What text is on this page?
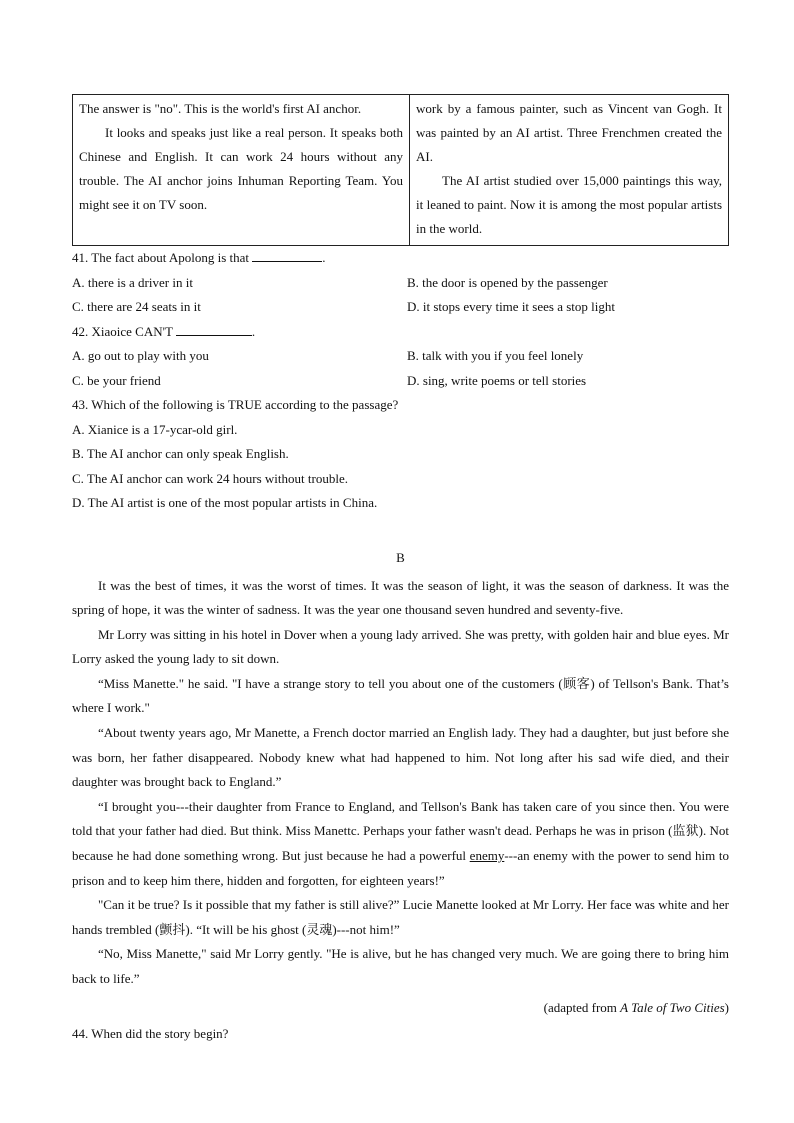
The answer is "no". This is the world's first AI anchor.

It looks and speaks just like a real person. It speaks both Chinese and English. It can work 24 hours without any trouble. The AI anchor joins Inhuman Reporting Team. You might see it on TV soon.

work by a famous painter, such as Vincent van Gogh. It was painted by an AI artist. Three Frenchmen created the AI.

The AI artist studied over 15,000 paintings this way, it leaned to paint. Now it is among the most popular artists in the world.

41. The fact about Apolong is that	.

A. there is a driver in it	B. the door is opened by the passenger
C. there are 24 seats in it	D. it stops every time it sees a stop light

42. Xiaoice CAN'T	.

A. go out to play with you	B. talk with you if you feel lonely
C. be your friend	D. sing, write poems or tell stories

43. Which of the following is TRUE according to the passage?

A. Xianice is a 17-ycar-old girl.

B. The AI anchor can only speak English.

C. The AI anchor can work 24 hours without trouble.

D. The AI artist is one of the most popular artists in China.

B

It was the best of times, it was the worst of times. It was the season of light, it was the season of darkness. It was the spring of hope, it was the winter of sadness. It was the year one thousand seven hundred and seventy-five.

Mr Lorry was sitting in his hotel in Dover when a young lady arrived. She was pretty, with golden hair and blue eyes. Mr Lorry asked the young lady to sit down.

“Miss Manette." he said. "I have a strange story to tell you about one of the customers (顾客) of Tellson's Bank. That’s where I work."

“About twenty years ago, Mr Manette, a French doctor married an English lady. They had a daughter, but just before she was born, her father disappeared. Nobody knew what had happened to him. Not long after his sad wife died, and their daughter was brought back to England.”

“I brought you---their daughter from France to England, and Tellson's Bank has taken care of you since then. You were told that your father had died. But think. Miss Manettc. Perhaps your father wasn't dead. Perhaps he was in prison (监狱). Not because he had done something wrong. But just because he had a powerful enemy---an enemy with the power to send him to prison and to keep him there, hidden and forgotten, for eighteen years!”

"Can it be true? Is it possible that my father is still alive?” Lucie Manette looked at Mr Lorry. Her face was white and her hands trembled (颤抖). “It will be his ghost (灵魂)---not him!”

“No, Miss Manette," said Mr Lorry gently. "He is alive, but he has changed very much. We are going there to bring him back to life.”

(adapted from A Tale of Two Cities)

44. When did the story begin?
